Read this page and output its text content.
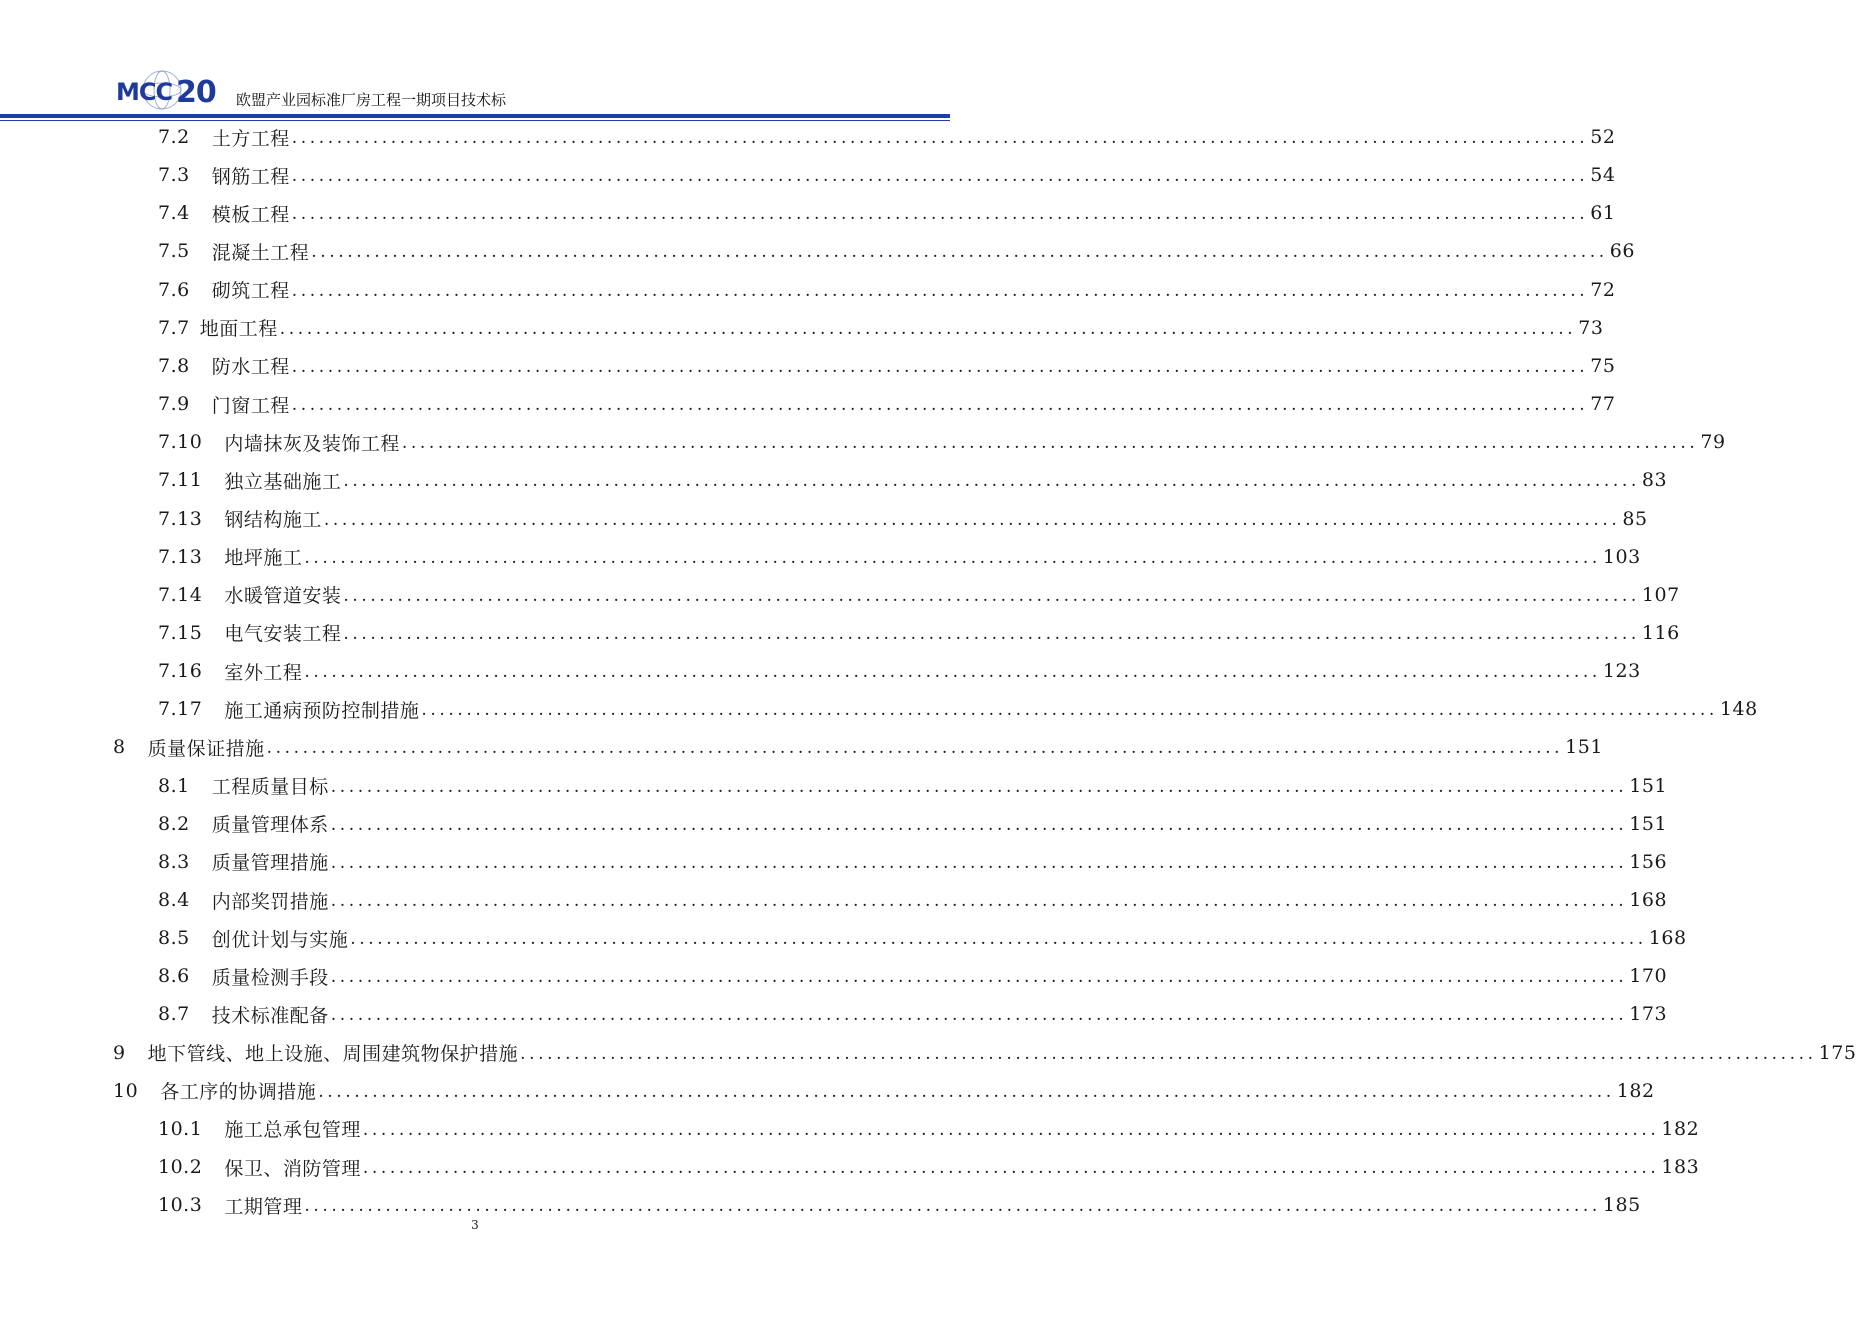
MCC 20 欧盟产业园标准厂房工程一期项目技术标
7.2 土方工程 ................................................................................................................................................ 52
7.3 钢筋工程 ................................................................................................................................................ 54
7.4 模板工程 ................................................................................................................................................ 61
7.5 混凝土工程 ................................................................................................................................................ 66
7.6 砌筑工程 ................................................................................................................................................ 72
7.7 地面工程 ................................................................................................................................................ 73
7.8 防水工程 ................................................................................................................................................ 75
7.9 门窗工程 ................................................................................................................................................ 77
7.10 内墙抹灰及装饰工程 ................................................................................................................................................ 79
7.11 独立基础施工 ................................................................................................................................................ 83
7.13 钢结构施工 ................................................................................................................................................ 85
7.13 地坪施工 ................................................................................................................................................ 103
7.14 水暖管道安装 ................................................................................................................................................ 107
7.15 电气安装工程 ................................................................................................................................................ 116
7.16 室外工程 ................................................................................................................................................ 123
7.17 施工通病预防控制措施 ................................................................................................................................................ 148
8 质量保证措施 ................................................................................................................................................ 151
8.1 工程质量目标 ................................................................................................................................................ 151
8.2 质量管理体系 ................................................................................................................................................ 151
8.3 质量管理措施 ................................................................................................................................................ 156
8.4 内部奖罚措施 ................................................................................................................................................ 168
8.5 创优计划与实施 ................................................................................................................................................ 168
8.6 质量检测手段 ................................................................................................................................................ 170
8.7 技术标准配备 ................................................................................................................................................ 173
9 地下管线、地上设施、周围建筑物保护措施 ................................................................................................................................................ 175
10 各工序的协调措施 ................................................................................................................................................ 182
10.1 施工总承包管理 ................................................................................................................................................ 182
10.2 保卫、消防管理 ................................................................................................................................................ 183
10.3 工期管理 ................................................................................................................................................ 185
3
